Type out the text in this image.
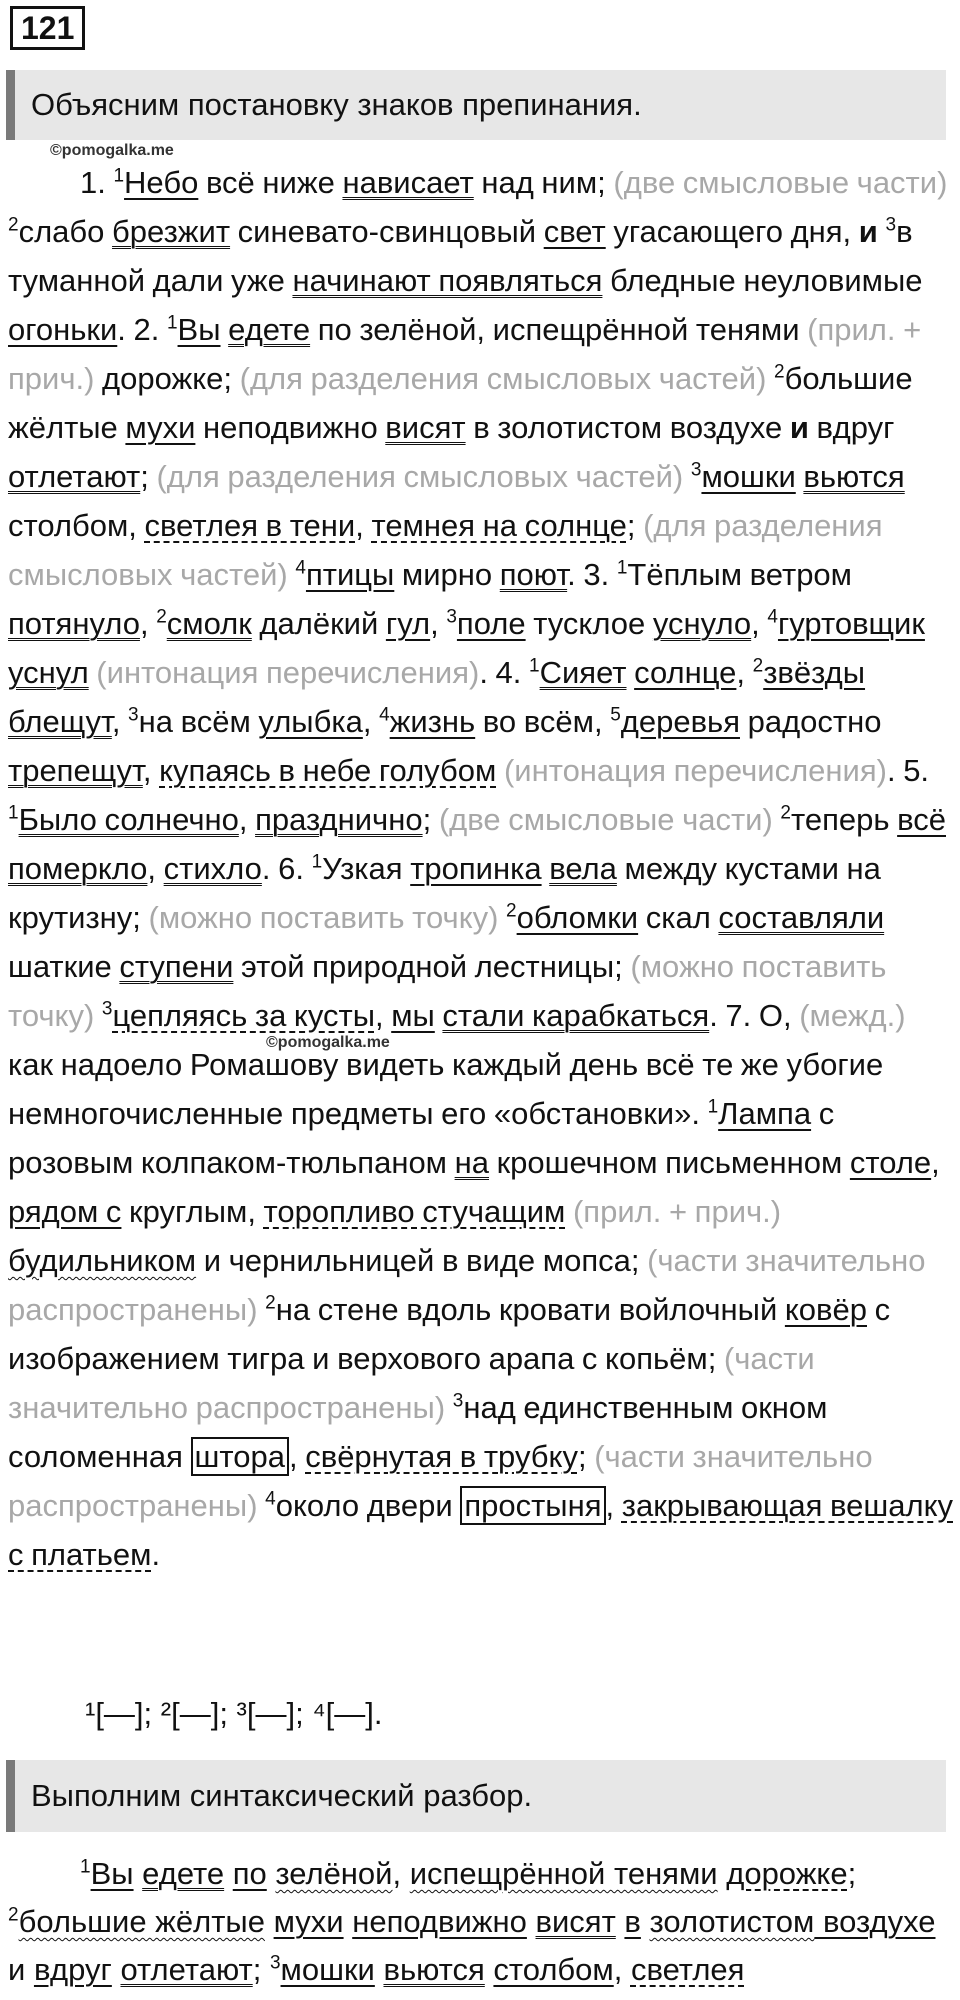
121
Объясним постановку знаков препинания.
©pomogalka.me

1. $^1$Небо всё ниже нависает над ним; (две смысловые части) $^2$слабо брезжит синевато-свинцовый свет угасающего дня, и $^3$в туманной дали уже начинают появляться бледные неуловимые огоньки. 2. $^1$Вы едете по зелёной, испещрённой тенями (прил. + прич.) дорожке; (для разделения смысловых частей) $^2$большие жёлтые мухи неподвижно висят в золотистом воздухе и вдруг отлетают; (для разделения смысловых частей) $^3$мошки вьются столбом, светлея в тени, темнея на солнце; (для разделения смысловых частей) $^4$птицы мирно поют. 3. $^1$Тёплым ветром потянуло, $^2$смолк далёкий гул, $^3$поле тусклое уснуло, $^4$гуртовщик уснул (интонация перечисления). 4. $^1$Сияет солнце, $^2$звёзды блещут, $^3$на всём улыбка, $^4$жизнь во всём, $^5$деревья радостно трепещут, купаясь в небе голубом (интонация перечисления). 5. $^1$Было солнечно, празднично; (две смысловые части) $^2$теперь всё померкло, стихло. 6. $^1$Узкая тропинка вела между кустами на крутизну; (можно поставить точку) $^2$обломки скал составляли шаткие ступени этой природной лестницы; (можно поставить точку) $^3$цепляясь за кусты, мы стали карабкаться. 7. О, (межд.) как надоело Ромашову видеть каждый день всё те же убогие немногочисленные предметы его «обстановки». $^1$Лампа с розовым колпаком-тюльпаном на крошечном письменном столе, рядом с круглым, торопливо стучащим (прил. + прич.) будильником и чернильницей в виде мопса; (части значительно распространены) $^2$на стене вдоль кровати войлочный ковёр с изображением тигра и верхового арапа с копьём; (части значительно распространены) $^3$над единственным окном соломенная штора , свёрнутая в трубку; (части значительно распространены) $^4$около двери простыня , закрывающая вешалку с платьем.

©pomogalka.me
¹[—]; ²[—]; ³[—]; ⁴[—].
Выполним синтаксический разбор.

$^1$Вы едете по зелёной, испещрённой тенями дорожке; $^2$большие жёлтые мухи неподвижно висят в золотистом воздухе и вдруг отлетают; $^3$мошки вьются столбом, светлея
